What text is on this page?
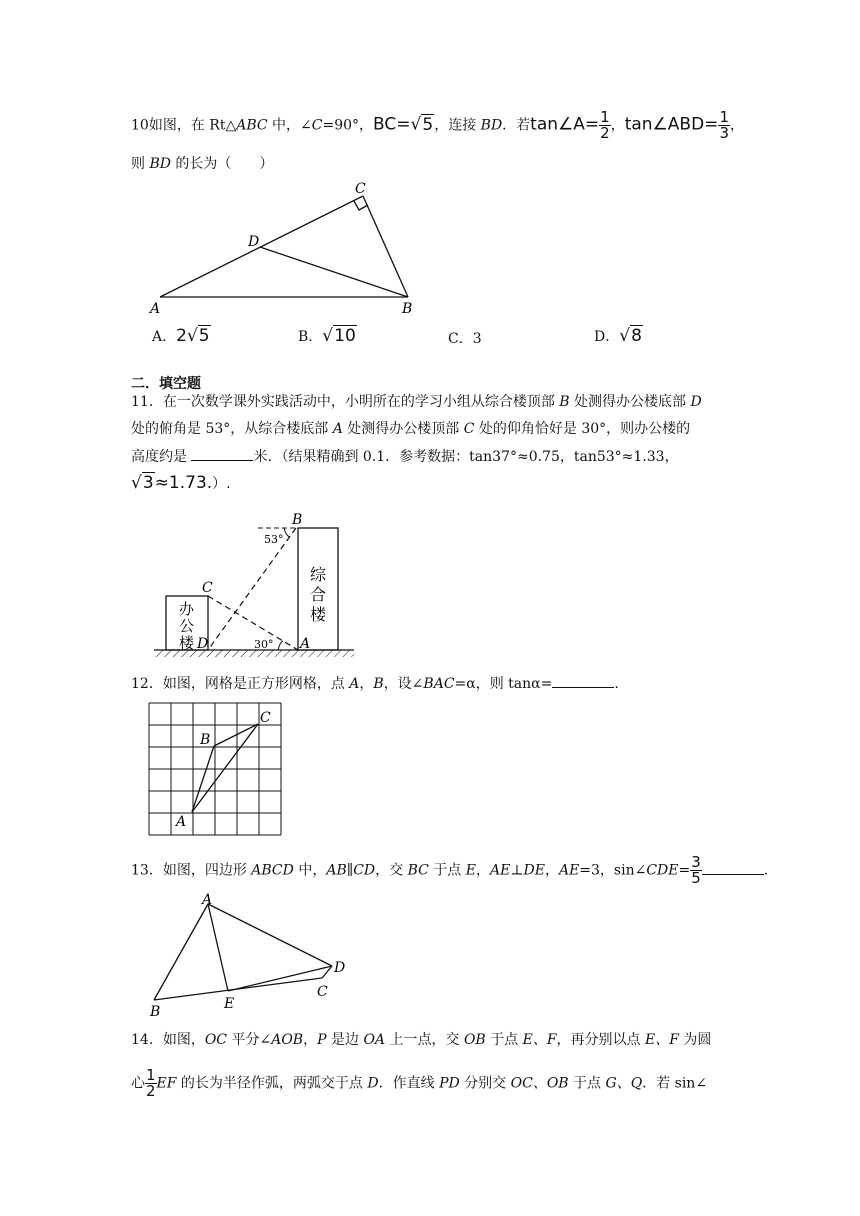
10如图，在 Rt△ABC 中，∠C=90°，BC=√5，连接 BD．若tan∠A= $\frac{1}{2}$ ，tan∠ABD= $\frac{1}{3}$ ，
则 BD 的长为（　　）
C
D
A	B
A．2√5	B．√10	C．3	D．√8
二．填空题
11．在一次数学课外实践活动中，小明所在的学习小组从综合楼顶部 B 处测得办公楼底部 D
处的俯角是 53°，从综合楼底部 A 处测得办公楼顶部 C 处的仰角恰好是 30°，则办公楼的
高度约是	米．（结果精确到 0.1．参考数据：tan37°≈0.75，tan53°≈1.33，
√3≈1.73.）.
53°
30°
B
C
D	A
办
公
楼
综
合
楼
12．如图，网格是正方形网格，点 A，B，设∠BAC=α，则 tanα=	.
A
B
C
13．如图，四边形 ABCD 中，AB∥CD，交 BC 于点 E，AE⊥DE，AE=3，sin∠CDE= $\frac{3}{5}$	.
A
B	E
C
D
14．如图，OC 平分∠AOB，P 是边 OA 上一点，交 OB 于点 E、F，再分别以点 E、F 为圆
心 $\frac{1}{2}$ EF 的长为半径作弧，两弧交于点 D．作直线 PD 分别交 OC、OB 于点 G、Q．若 sin∠
